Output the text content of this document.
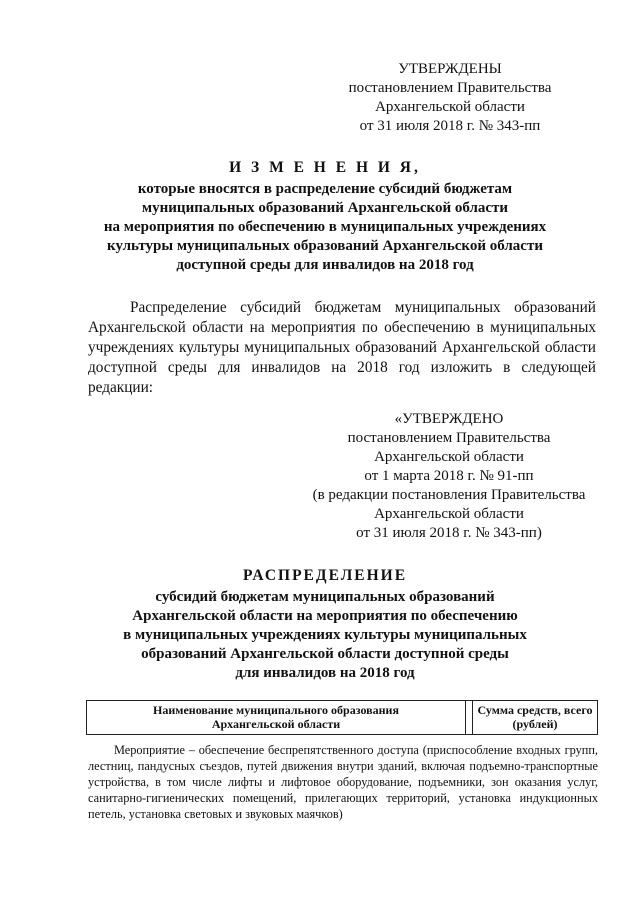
УТВЕРЖДЕНЫ
постановлением Правительства
Архангельской области
от 31 июля 2018 г. № 343-пп
И З М Е Н Е Н И Я,
которые вносятся в распределение субсидий бюджетам
муниципальных образований Архангельской области
на мероприятия по обеспечению в муниципальных учреждениях
культуры муниципальных образований Архангельской области
доступной среды для инвалидов на 2018 год
Распределение субсидий бюджетам муниципальных образований Архангельской области на мероприятия по обеспечению в муниципальных учреждениях культуры муниципальных образований Архангельской области доступной среды для инвалидов на 2018 год изложить в следующей редакции:
«УТВЕРЖДЕНО
постановлением Правительства
Архангельской области
от 1 марта 2018 г. № 91-пп
(в редакции постановления Правительства
Архангельской области
от 31 июля 2018 г. № 343-пп)
РАСПРЕДЕЛЕНИЕ
субсидий бюджетам муниципальных образований
Архангельской области на мероприятия по обеспечению
в муниципальных учреждениях культуры муниципальных
образований Архангельской области доступной среды
для инвалидов на 2018 год
Наименование муниципального образования
Архангельской области

Сумма средств, всего
(рублей)
Мероприятие – обеспечение беспрепятственного доступа (приспособление входных групп, лестниц, пандусных съездов, путей движения внутри зданий, включая подъемно-транспортные устройства, в том числе лифты и лифтовое оборудование, подъемники, зон оказания услуг, санитарно-гигиенических помещений, прилегающих территорий, установка индукционных петель, установка световых и звуковых маячков)
